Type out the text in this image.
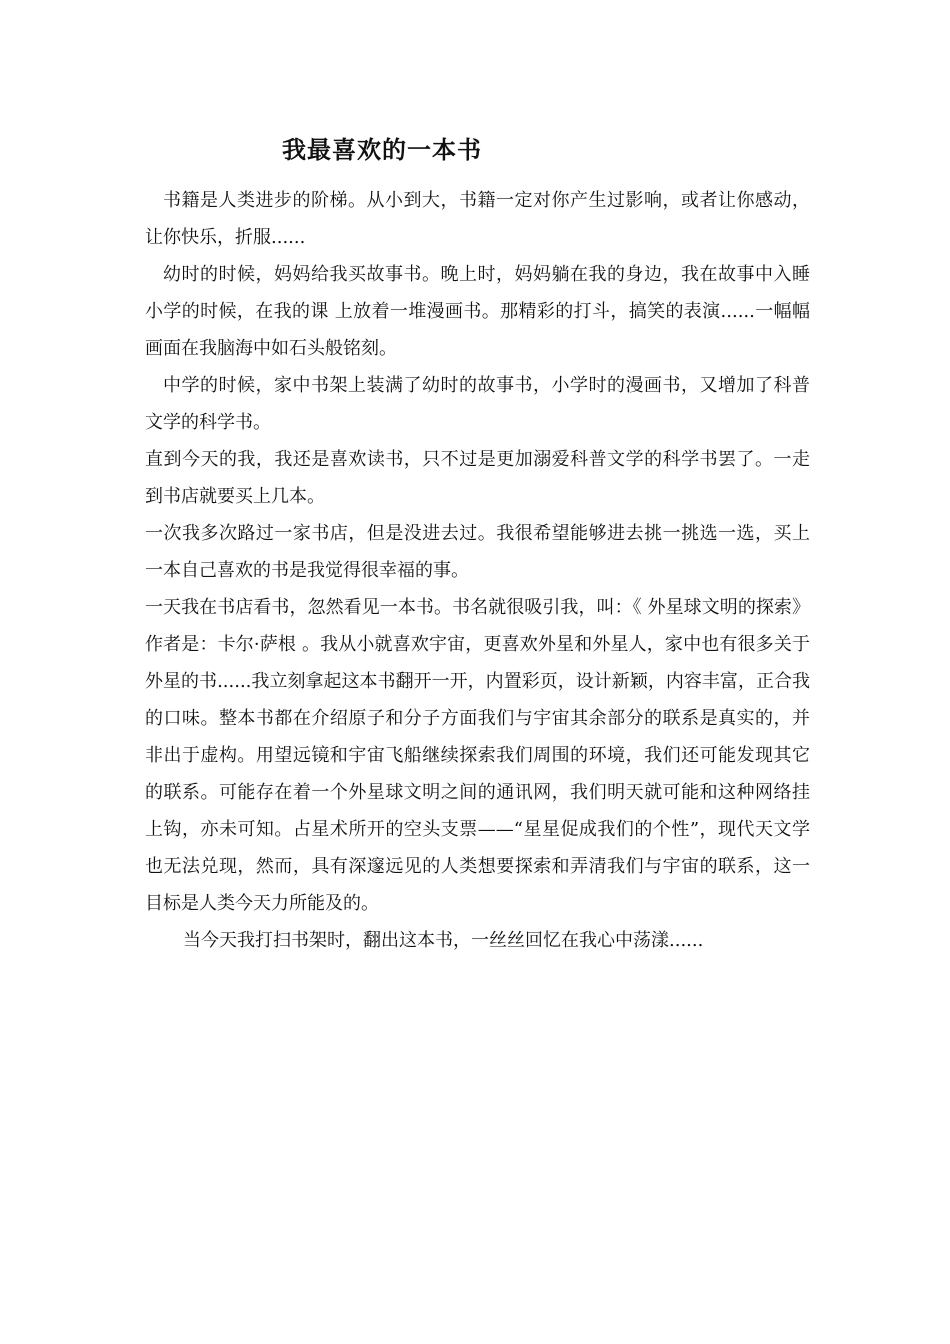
我最喜欢的一本书

书籍是人类进步的阶梯。从小到大，书籍一定对你产生过影响，或者让你感动，让你快乐，折服......

幼时的时候，妈妈给我买故事书。晚上时，妈妈躺在我的身边，我在故事中入睡小学的时候，在我的课 上放着一堆漫画书。那精彩的打斗，搞笑的表演......一幅幅画面在我脑海中如石头般铭刻。

中学的时候，家中书架上装满了幼时的故事书，小学时的漫画书，又增加了科普文学的科学书。

直到今天的我，我还是喜欢读书，只不过是更加溺爱科普文学的科学书罢了。一走到书店就要买上几本。

一次我多次路过一家书店，但是没进去过。我很希望能够进去挑一挑选一选，买上一本自己喜欢的书是我觉得很幸福的事。

一天我在书店看书，忽然看见一本书。书名就很吸引我，叫：《 外星球文明的探索》作者是：卡尔·萨根 。我从小就喜欢宇宙，更喜欢外星和外星人，家中也有很多关于外星的书......我立刻拿起这本书翻开一开，内置彩页，设计新颖，内容丰富，正合我的口味。整本书都在介绍原子和分子方面我们与宇宙其余部分的联系是真实的，并非出于虚构。用望远镜和宇宙飞船继续探索我们周围的环境，我们还可能发现其它的联系。可能存在着一个外星球文明之间的通讯网，我们明天就可能和这种网络挂上钩，亦未可知。占星术所开的空头支票——“星星促成我们的个性”，现代天文学也无法兑现，然而，具有深邃远见的人类想要探索和弄清我们与宇宙的联系，这一目标是人类今天力所能及的。

当今天我打扫书架时，翻出这本书，一丝丝回忆在我心中荡漾......
